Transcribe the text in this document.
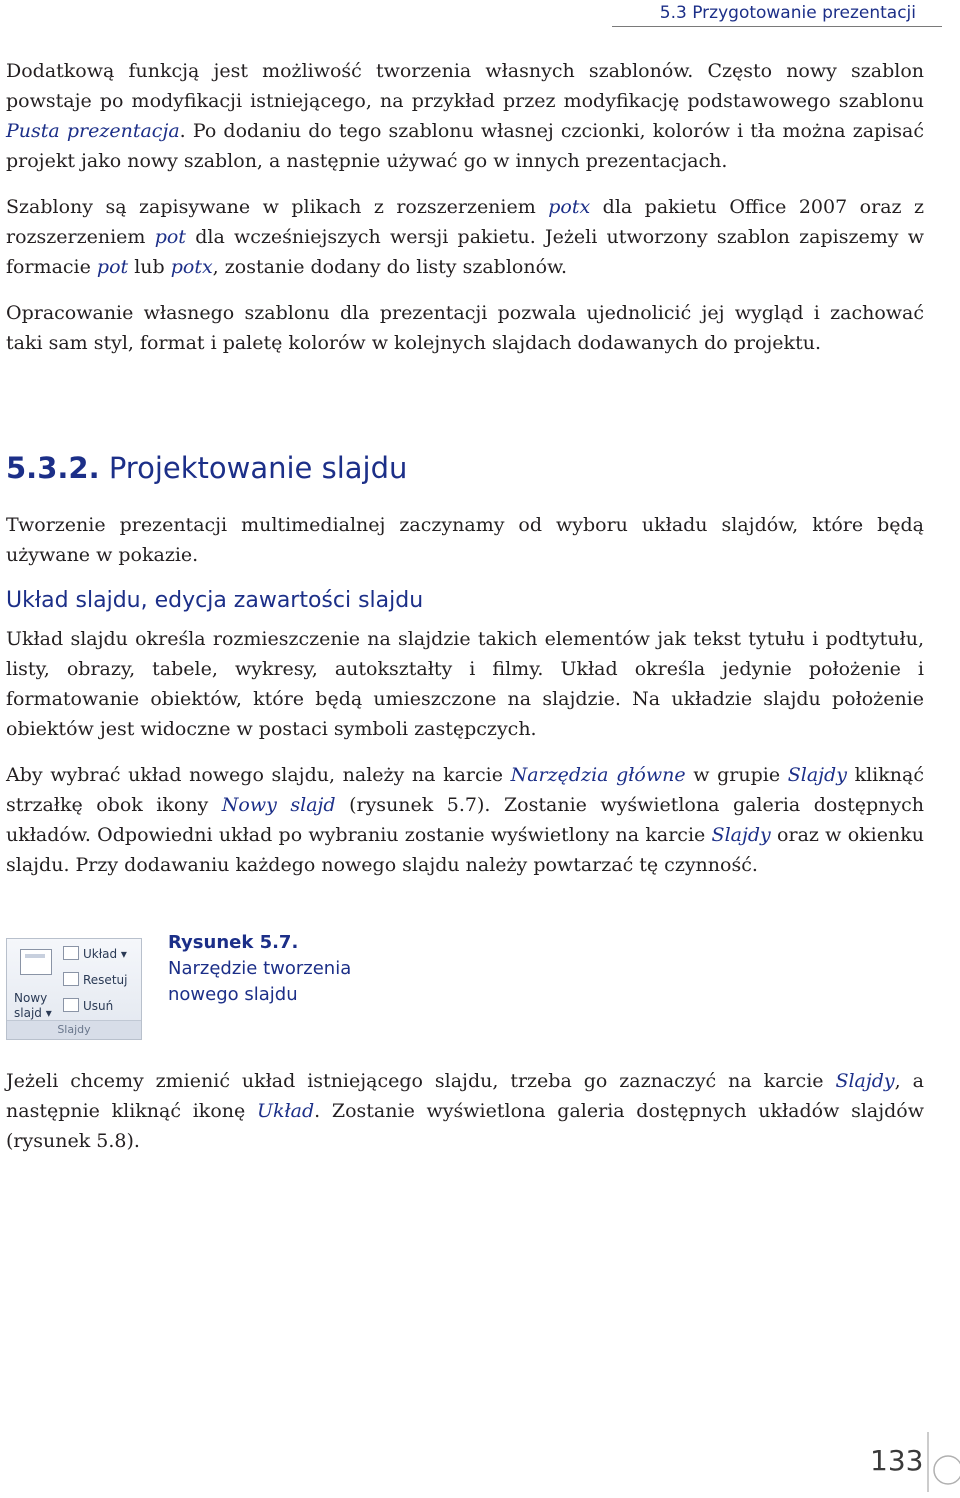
5.3 Przygotowanie prezentacji

Dodatkową funkcją jest możliwość tworzenia własnych szablonów. Często nowy szablon powstaje po modyfikacji istniejącego, na przykład przez modyfikację podstawowego szablonu Pusta prezentacja. Po dodaniu do tego szablonu własnej czcionki, kolorów i tła można zapisać projekt jako nowy szablon, a następnie używać go w innych prezentacjach.

Szablony są zapisywane w plikach z rozszerzeniem potx dla pakietu Office 2007 oraz z rozszerzeniem pot dla wcześniejszych wersji pakietu. Jeżeli utworzony szablon zapiszemy w formacie pot lub potx, zostanie dodany do listy szablonów.

Opracowanie własnego szablonu dla prezentacji pozwala ujednolicić jej wygląd i zachować taki sam styl, format i paletę kolorów w kolejnych slajdach dodawanych do projektu.

5.3.2. Projektowanie slajdu

Tworzenie prezentacji multimedialnej zaczynamy od wyboru układu slajdów, które będą używane w pokazie.

Układ slajdu, edycja zawartości slajdu

Układ slajdu określa rozmieszczenie na slajdzie takich elementów jak tekst tytułu i podtytułu, listy, obrazy, tabele, wykresy, autokształty i filmy. Układ określa jedynie położenie i formatowanie obiektów, które będą umieszczone na slajdzie. Na układzie slajdu położenie obiektów jest widoczne w postaci symboli zastępczych.

Aby wybrać układ nowego slajdu, należy na karcie Narzędzia główne w grupie Slajdy kliknąć strzałkę obok ikony Nowy slajd (rysunek 5.7). Zostanie wyświetlona galeria dostępnych układów. Odpowiedni układ po wybraniu zostanie wyświetlony na karcie Slajdy oraz w okienku slajdu. Przy dodawaniu każdego nowego slajdu należy powtarzać tę czynność.

Nowy
slajd ▾
Układ ▾
Resetuj
Usuń
Slajdy
Rysunek 5.7.
Narzędzie tworzenia nowego slajdu

Jeżeli chcemy zmienić układ istniejącego slajdu, trzeba go zaznaczyć na karcie Slajdy, a następnie kliknąć ikonę Układ. Zostanie wyświetlona galeria dostępnych układów slajdów (rysunek 5.8).

133
